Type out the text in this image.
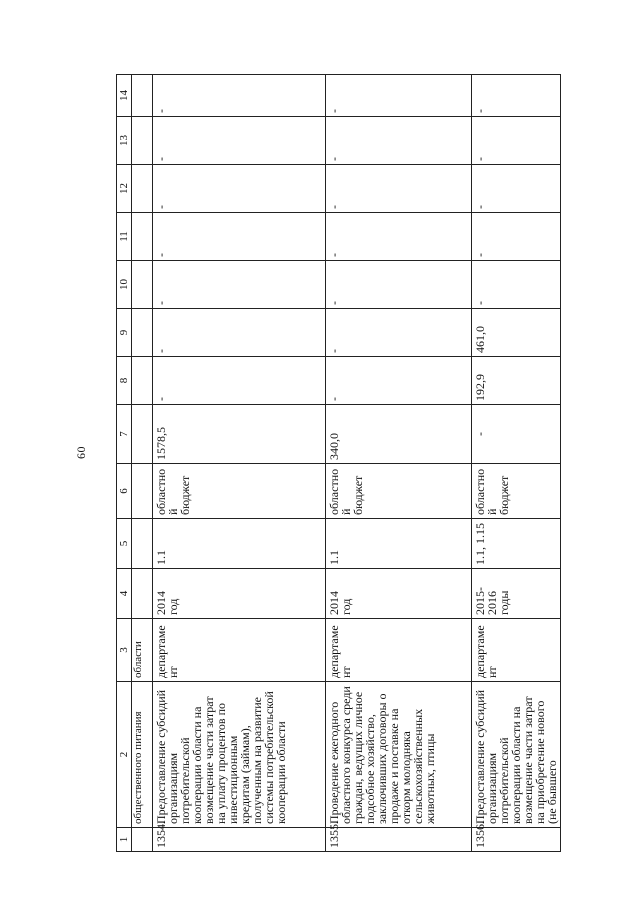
60
1	2	3	4	5	6	7	8	9	10	11	12	13	14
	общественного питания	области											
1354.	Предоставление субсидий организациям потребительской кооперации области на возмещение части затрат на уплату процентов по инвестиционным кредитам (займам), полученным на развитие системы потребительской кооперации области	департамент	2014 год	1.1	областной бюджет	1578,5	-	-	-	-	-	-	-
1355.	Проведение ежегодного областного конкурса среди граждан, ведущих личное подсобное хозяйство, заключивших договоры о продаже и поставке на откорм молодняка сельскохозяйственных животных, птицы	департамент	2014 год	1.1	областной бюджет	340,0	-	-	-	-	-	-	-
1356.	Предоставление субсидий организациям потребительской кооперации области на возмещение части затрат на приобретение нового (не бывшего	департамент	2015-2016 годы	1.1, 1.15	областной бюджет	-	192,9	461,0	-	-	-	-	-
